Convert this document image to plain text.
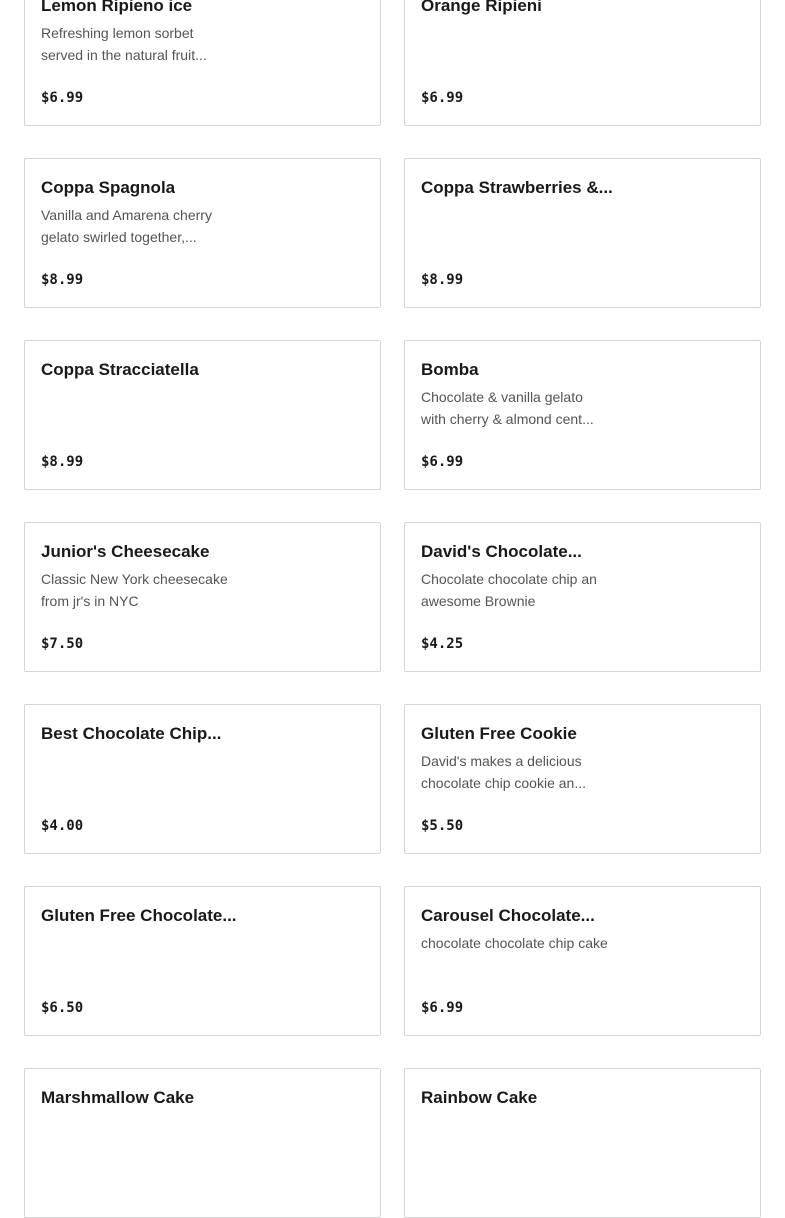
Lemon Ripieno ice
Refreshing lemon sorbet served in the natural fruit...
$6.99
Orange Ripieni
$6.99
Coppa Spagnola
Vanilla and Amarena cherry gelato swirled together,...
$8.99
Coppa Strawberries &...
$8.99
Coppa Stracciatella
$8.99
Bomba
Chocolate & vanilla gelato with cherry & almond cent...
$6.99
Junior's Cheesecake
Classic New York cheesecake from jr's in NYC
$7.50
David's Chocolate...
Chocolate chocolate chip an awesome Brownie
$4.25
Best Chocolate Chip...
$4.00
Gluten Free Cookie
David's makes a delicious chocolate chip cookie an...
$5.50
Gluten Free Chocolate...
$6.50
Carousel Chocolate...
chocolate chocolate chip cake
$6.99
Marshmallow Cake	Rainbow Cake
